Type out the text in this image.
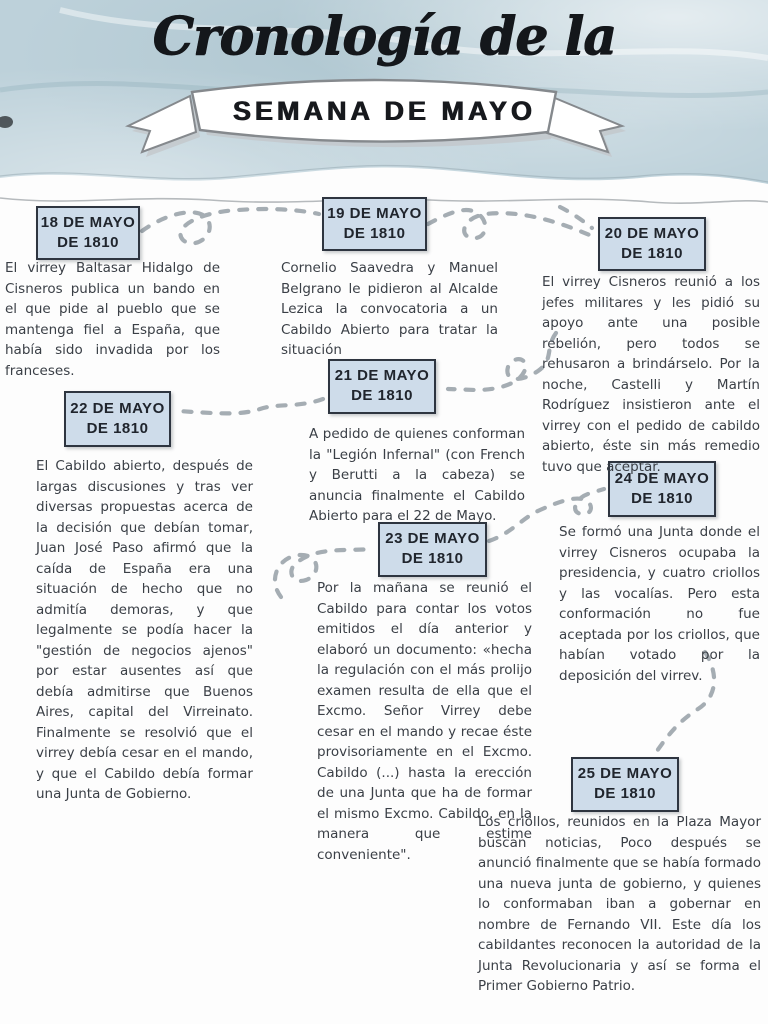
Cronología de la
SEMANA DE MAYO
18 DE MAYO
DE 1810
19 DE MAYO
DE 1810	20 DE MAYO
DE 1810
21 DE MAYO
DE 1810
22 DE MAYO
DE 1810
23 DE MAYO
DE 1810
24 DE MAYO
DE 1810
25 DE MAYO
DE 1810
El virrey Baltasar Hidalgo de Cisneros publica un bando en el que pide al pueblo que se mantenga fiel a España, que había sido invadida por los franceses.
Cornelio Saavedra y Manuel Belgrano le pidieron al Alcalde Lezica la convocatoria a un Cabildo Abierto para tratar la situación
El virrey Cisneros reunió a los jefes militares y les pidió su apoyo ante una posible rebelión, pero todos se rehusaron a brindárselo. Por la noche, Castelli y Martín Rodríguez insistieron ante el virrey con el pedido de cabildo abierto, éste sin más remedio tuvo que aceptar.
A pedido de quienes conforman la "Legión Infernal" (con French y Berutti a la cabeza) se anuncia finalmente el Cabildo Abierto para el 22 de Mayo.
El Cabildo abierto, después de largas discusiones y tras ver diversas propuestas acerca de la decisión que debían tomar, Juan José Paso afirmó que la caída de España era una situación de hecho que no admitía demoras, y que legalmente se podía hacer la "gestión de negocios ajenos" por estar ausentes así que debía admitirse que Buenos Aires, capital del Virreinato. Finalmente se resolvió que el virrey debía cesar en el mando, y que el Cabildo debía formar una Junta de Gobierno.
Por la mañana se reunió el Cabildo para contar los votos emitidos el día anterior y elaboró un documento: «hecha la regulación con el más prolijo examen resulta de ella que el Excmo. Señor Virrey debe cesar en el mando y recae éste provisoriamente en el Excmo. Cabildo (...) hasta la erección de una Junta que ha de formar el mismo Excmo. Cabildo, en la manera que estime conveniente".
Se formó una Junta donde el virrey Cisneros ocupaba la presidencia, y cuatro criollos y las vocalías. Pero esta conformación no fue aceptada por los criollos, que habían votado por la deposición del virrev.
Los criollos, reunidos en la Plaza Mayor buscan noticias, Poco después se anunció finalmente que se había formado una nueva junta de gobierno, y quienes lo conformaban iban a gobernar en nombre de Fernando VII. Este día los cabildantes reconocen la autoridad de la Junta Revolucionaria y así se forma el Primer Gobierno Patrio.
